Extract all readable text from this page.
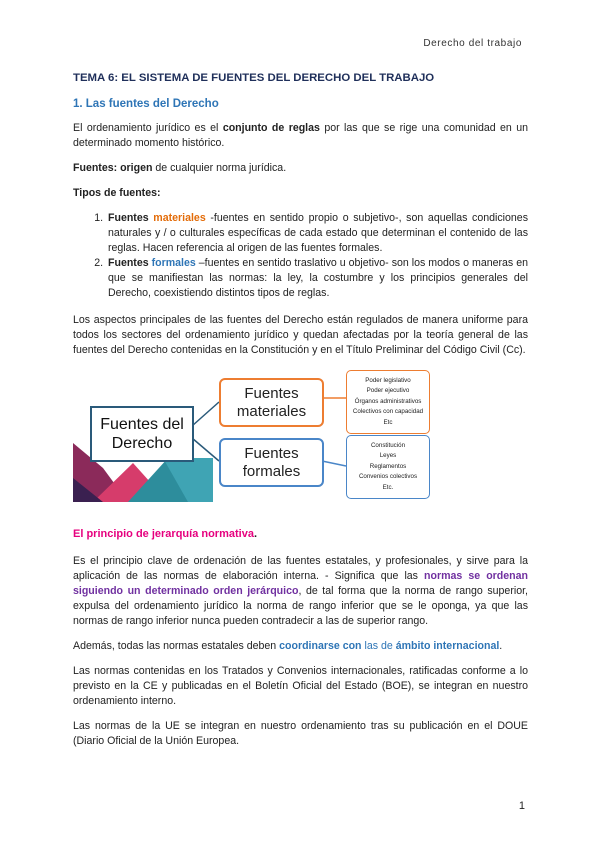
Derecho del trabajo
TEMA 6: EL SISTEMA DE FUENTES DEL DERECHO DEL TRABAJO
1. Las fuentes del Derecho

El ordenamiento jurídico es el conjunto de reglas por las que se rige una comunidad en un determinado momento histórico.

Fuentes: origen de cualquier norma jurídica.

Tipos de fuentes:

1. Fuentes materiales -fuentes en sentido propio o subjetivo-, son aquellas condiciones naturales y / o culturales específicas de cada estado que determinan el contenido de las reglas. Hacen referencia al origen de las fuentes formales.
2. Fuentes formales –fuentes en sentido traslativo u objetivo- son los modos o maneras en que se manifiestan las normas: la ley, la costumbre y los principios generales del Derecho, coexistiendo distintos tipos de reglas.

Los aspectos principales de las fuentes del Derecho están regulados de manera uniforme para todos los sectores del ordenamiento jurídico y quedan afectadas por la teoría general de las fuentes del Derecho contenidas en la Constitución y en el Título Preliminar del Código Civil (Cc).

Fuentes del
Derecho
Fuentes
materiales
Fuentes
formales
Poder legislativo
Poder ejecutivo
Órganos administrativos
Colectivos con capacidad
Etc
Constitución
Leyes
Reglamentos
Convenios colectivos
Etc.

El principio de jerarquía normativa.

Es el principio clave de ordenación de las fuentes estatales, y profesionales, y sirve para la aplicación de las normas de elaboración interna. - Significa que las normas se ordenan siguiendo un determinado orden jerárquico, de tal forma que la norma de rango superior, expulsa del ordenamiento jurídico la norma de rango inferior que se le oponga, ya que las normas de rango inferior nunca pueden contradecir a las de superior rango.

Además, todas las normas estatales deben coordinarse con las de ámbito internacional.

Las normas contenidas en los Tratados y Convenios internacionales, ratificadas conforme a lo previsto en la CE y publicadas en el Boletín Oficial del Estado (BOE), se integran en nuestro ordenamiento interno.

Las normas de la UE se integran en nuestro ordenamiento tras su publicación en el DOUE (Diario Oficial de la Unión Europea.

1
